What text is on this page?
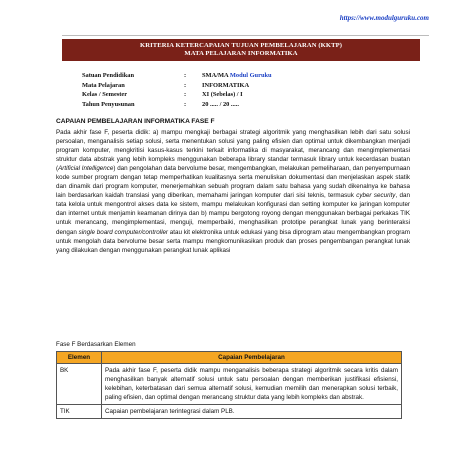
https://www.modulguruku.com
KRITERIA KETERCAPAIAN TUJUAN PEMBELAJARAN (KKTP)
MATA PELAJARAN INFORMATIKA
Satuan Pendidikan	:	SMA/MA Modul Guruku
Mata Pelajaran	:	INFORMATIKA
Kelas / Semester	:	XI (Sebelas) / I
Tahun Penyusunan	:	20 ..... / 20 .....
CAPAIAN PEMBELAJARAN INFORMATIKA FASE F

Pada akhir fase F, peserta didik: a) mampu mengkaji berbagai strategi algoritmik yang menghasilkan lebih dari satu solusi persoalan, menganalisis setiap solusi, serta menentukan solusi yang paling efisien dan optimal untuk dikembangkan menjadi program komputer, mengkritisi kasus-kasus terkini terkait informatika di masyarakat, merancang dan mengimplementasi struktur data abstrak yang lebih kompleks menggunakan beberapa library standar termasuk library untuk kecerdasan buatan (Artificial Intelligence) dan pengolahan data bervolume besar, mengembangkan, melakukan pemeliharaan, dan penyempurnaan kode sumber program dengan tetap memperhatikan kualitasnya serta menuliskan dokumentasi dan menjelaskan aspek statik dan dinamik dari program komputer, menerjemahkan sebuah program dalam satu bahasa yang sudah dikenalnya ke bahasa lain berdasarkan kaidah translasi yang diberikan, memahami jaringan komputer dari sisi teknis, termasuk cyber security, dan tata kelola untuk mengontrol akses data ke sistem, mampu melakukan konfigurasi dan setting komputer ke jaringan komputer dan internet untuk menjamin keamanan dirinya dan b) mampu bergotong royong dengan menggunakan berbagai perkakas TIK untuk merancang, mengimplementasi, menguji, memperbaiki, menghasilkan prototipe perangkat lunak yang berinteraksi dengan single board computer/controller atau kit elektronika untuk edukasi yang bisa diprogram atau mengembangkan program untuk mengolah data bervolume besar serta mampu mengkomunikasikan produk dan proses pengembangan perangkat lunak yang dilakukan dengan menggunakan perangkat lunak aplikasi

Fase F Berdasarkan Elemen
Elemen	Capaian Pembelajaran
BK	Pada akhir fase F, peserta didik mampu menganalisis beberapa strategi algoritmik secara kritis dalam menghasilkan banyak alternatif solusi untuk satu persoalan dengan memberikan justifikasi efisiensi, kelebihan, keterbatasan dari semua alternatif solusi, kemudian memilih dan menerapkan solusi terbaik, paling efisien, dan optimal dengan merancang struktur data yang lebih kompleks dan abstrak.
TIK	Capaian pembelajaran terintegrasi dalam PLB.
